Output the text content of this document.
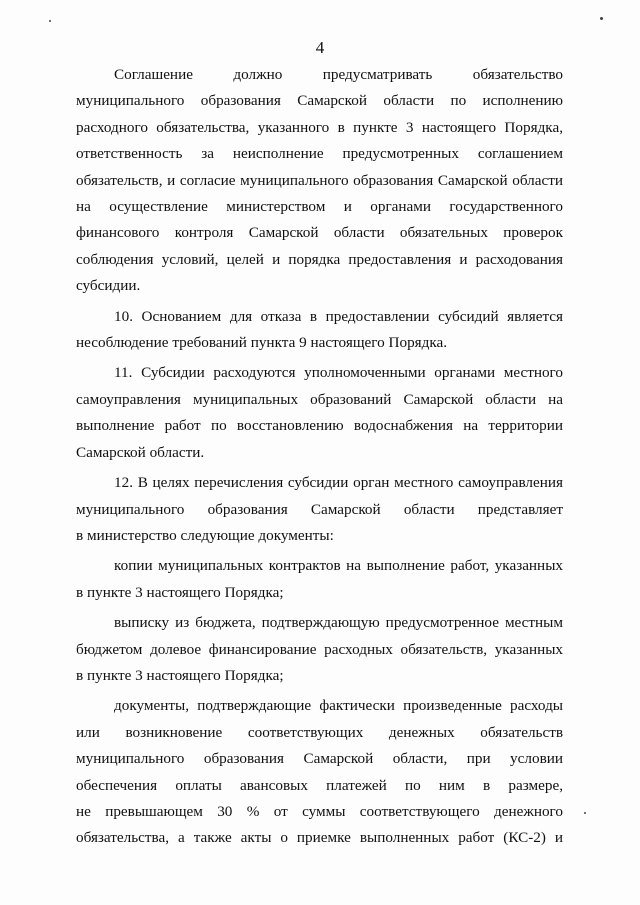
4
Соглашение должно предусматривать обязательство
муниципального образования Самарской области по исполнению
расходного обязательства, указанного в пункте 3 настоящего Порядка,
ответственность за неисполнение предусмотренных соглашением
обязательств, и согласие муниципального образования Самарской области
на осуществление министерством и органами государственного
финансового контроля Самарской области обязательных проверок
соблюдения условий, целей и порядка предоставления и расходования
субсидии.
10. Основанием для отказа в предоставлении субсидий является
несоблюдение требований пункта 9 настоящего Порядка.
11. Субсидии расходуются уполномоченными органами местного
самоуправления муниципальных образований Самарской области на
выполнение работ по восстановлению водоснабжения на территории
Самарской области.
12. В целях перечисления субсидии орган местного самоуправления
муниципального образования Самарской области представляет
в министерство следующие документы:
копии муниципальных контрактов на выполнение работ, указанных
в пункте 3 настоящего Порядка;
выписку из бюджета, подтверждающую предусмотренное местным
бюджетом долевое финансирование расходных обязательств, указанных
в пункте 3 настоящего Порядка;
документы, подтверждающие фактически произведенные расходы
или возникновение соответствующих денежных обязательств
муниципального образования Самарской области, при условии
обеспечения оплаты авансовых платежей по ним в размере,
не превышающем 30 % от суммы соответствующего денежного
обязательства, а также акты о приемке выполненных работ (КС-2) и
